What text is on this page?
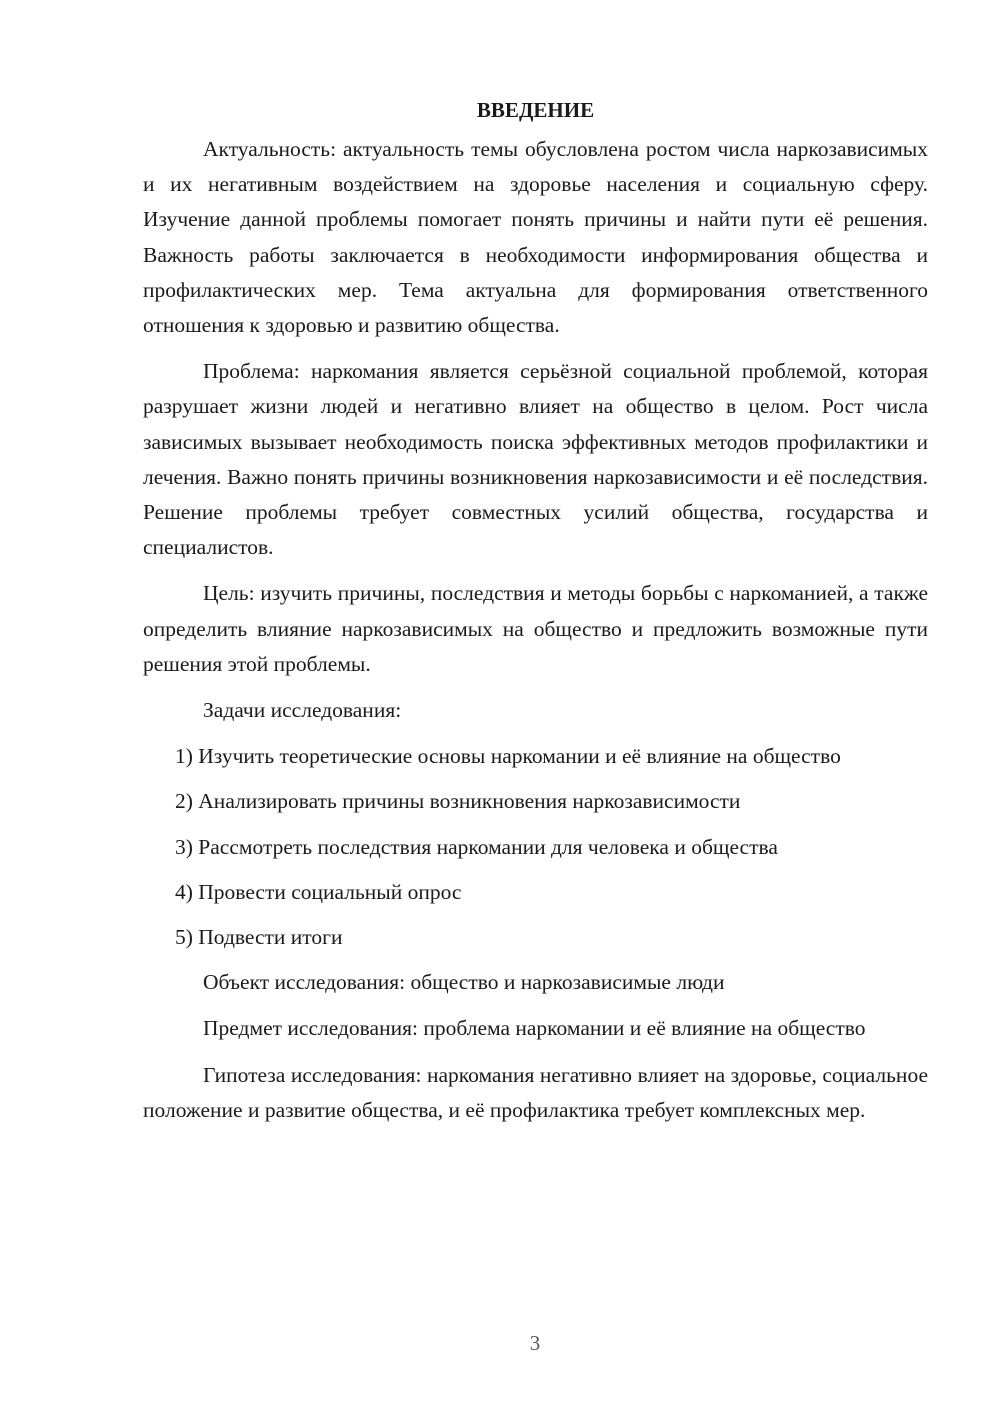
ВВЕДЕНИЕ

Актуальность: актуальность темы обусловлена ростом числа наркозависимых и их негативным воздействием на здоровье населения и социальную сферу. Изучение данной проблемы помогает понять причины и найти пути её решения. Важность работы заключается в необходимости информирования общества и профилактических мер. Тема актуальна для формирования ответственного отношения к здоровью и развитию общества.

Проблема: наркомания является серьёзной социальной проблемой, которая разрушает жизни людей и негативно влияет на общество в целом. Рост числа зависимых вызывает необходимость поиска эффективных методов профилактики и лечения. Важно понять причины возникновения наркозависимости и её последствия. Решение проблемы требует совместных усилий общества, государства и специалистов.

Цель: изучить причины, последствия и методы борьбы с наркоманией, а также определить влияние наркозависимых на общество и предложить возможные пути решения этой проблемы.

Задачи исследования:

1) Изучить теоретические основы наркомании и её влияние на общество

2) Анализировать причины возникновения наркозависимости

3) Рассмотреть последствия наркомании для человека и общества

4) Провести социальный опрос

5) Подвести итоги

Объект исследования: общество и наркозависимые люди

Предмет исследования: проблема наркомании и её влияние на общество

Гипотеза исследования: наркомания негативно влияет на здоровье, социальное положение и развитие общества, и её профилактика требует комплексных мер.

3
